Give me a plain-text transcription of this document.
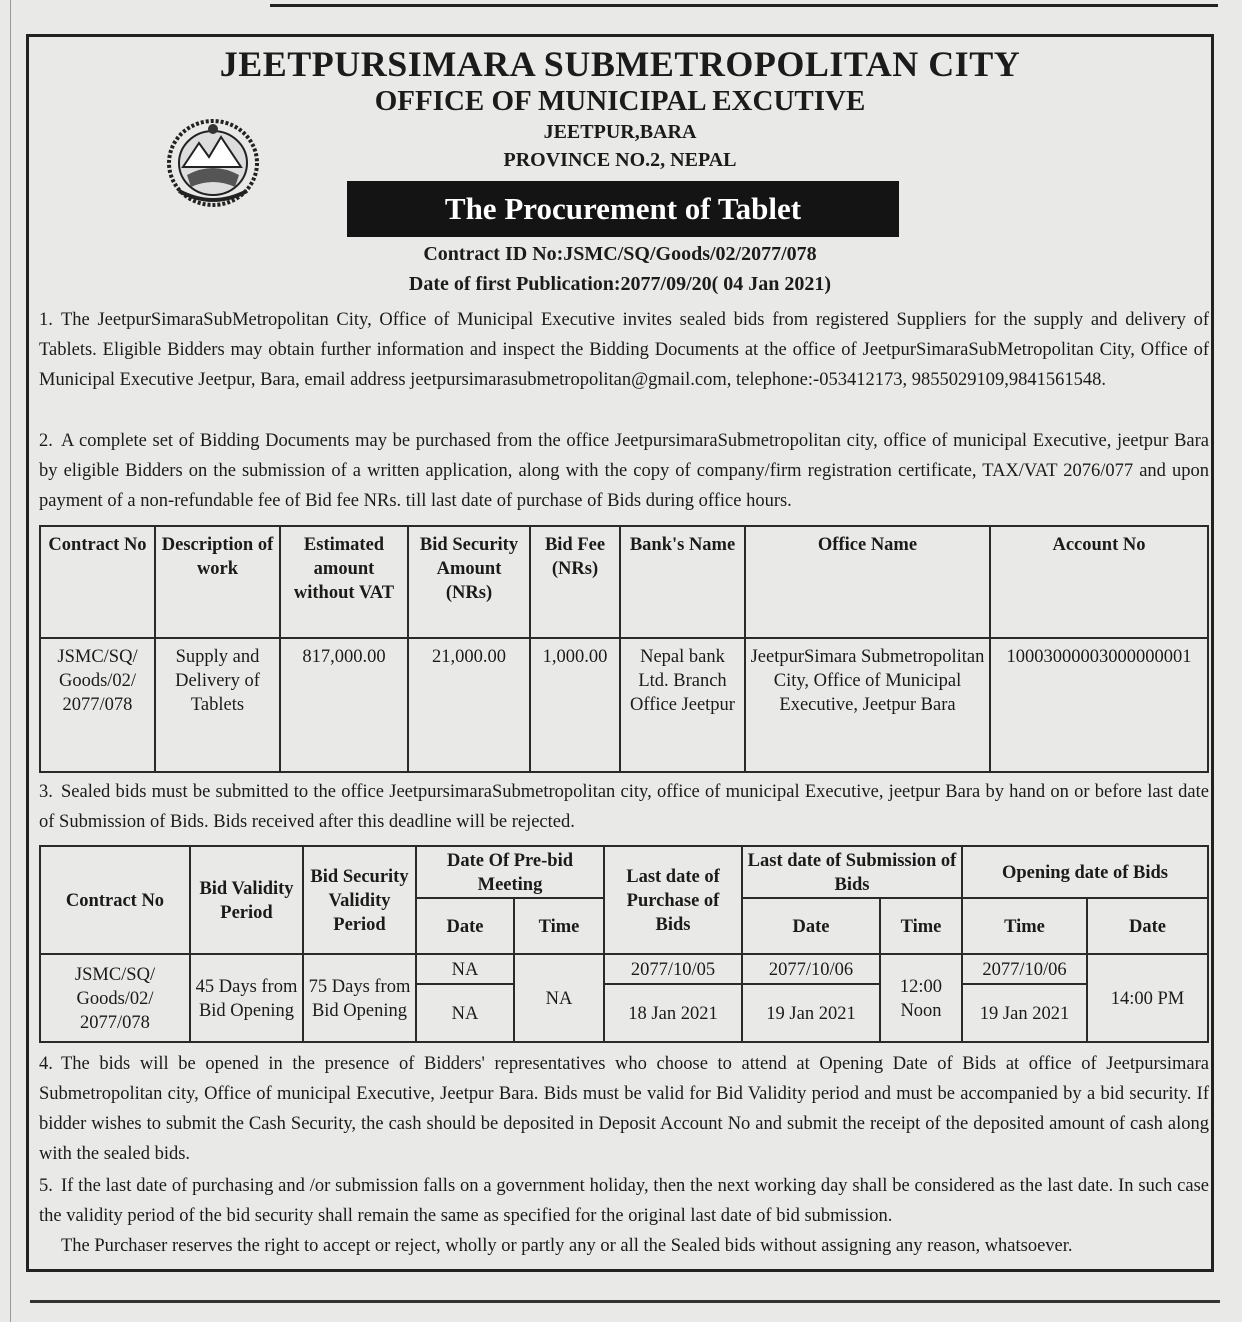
JEETPURSIMARA SUBMETROPOLITAN CITY
OFFICE OF MUNICIPAL EXCUTIVE
JEETPUR,BARA
PROVINCE NO.2, NEPAL
The Procurement of Tablet
Contract ID No:JSMC/SQ/Goods/02/2077/078
Date of first Publication:2077/09/20( 04 Jan 2021)
1. The JeetpurSimaraSubMetropolitan City, Office of Municipal Executive invites sealed bids from registered Suppliers for the supply and delivery of Tablets. Eligible Bidders may obtain further information and inspect the Bidding Documents at the office of JeetpurSimaraSubMetropolitan City, Office of Municipal Executive Jeetpur, Bara, email address jeetpursimarasubmetropolitan@gmail.com, telephone:-053412173, 9855029109,9841561548.
2. A complete set of Bidding Documents may be purchased from the office JeetpursimaraSubmetropolitan city, office of municipal Executive, jeetpur Bara by eligible Bidders on the submission of a written application, along with the copy of company/firm registration certificate, TAX/VAT 2076/077 and upon payment of a non-refundable fee of Bid fee NRs. till last date of purchase of Bids during office hours.
Contract No	Description of work	Estimated amount without VAT	Bid Security Amount (NRs)	Bid Fee (NRs)	Bank's Name	Office Name	Account No
JSMC/SQ/ Goods/02/ 2077/078	Supply and Delivery of Tablets	817,000.00	21,000.00	1,000.00	Nepal bank Ltd. Branch Office Jeetpur	JeetpurSimara Submetropolitan City, Office of Municipal Executive, Jeetpur Bara	10003000003000000001
3. Sealed bids must be submitted to the office JeetpursimaraSubmetropolitan city, office of municipal Executive, jeetpur Bara by hand on or before last date of Submission of Bids. Bids received after this deadline will be rejected.
Contract No	Bid Validity Period	Bid Security Validity Period	Date Of Pre-bid Meeting		Last date of Purchase of Bids	Last date of Submission of Bids		Opening date of Bids	
			Date	Time		Date	Time	Time	Date
JSMC/SQ/ Goods/02/ 2077/078	45 Days from Bid Opening	75 Days from Bid Opening	NA	NA	2077/10/05	2077/10/06	12:00 Noon	2077/10/06	14:00 PM
			NA		18 Jan 2021	19 Jan 2021		19 Jan 2021	
4. The bids will be opened in the presence of Bidders' representatives who choose to attend at Opening Date of Bids at office of Jeetpursimara Submetropolitan city, Office of municipal Executive, Jeetpur Bara. Bids must be valid for Bid Validity period and must be accompanied by a bid security. If bidder wishes to submit the Cash Security, the cash should be deposited in Deposit Account No and submit the receipt of the deposited amount of cash along with the sealed bids.
5. If the last date of purchasing and /or submission falls on a government holiday, then the next working day shall be considered as the last date. In such case the validity period of the bid security shall remain the same as specified for the original last date of bid submission.
The Purchaser reserves the right to accept or reject, wholly or partly any or all the Sealed bids without assigning any reason, whatsoever.
